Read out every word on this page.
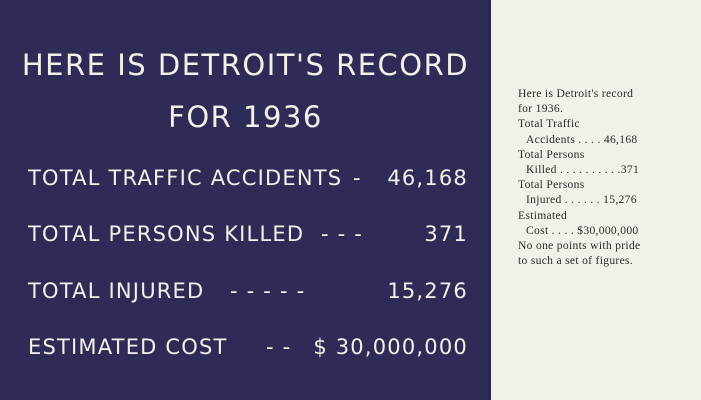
HERE IS DETROIT'S RECORD
FOR 1936
TOTAL TRAFFIC ACCIDENTS - 46,168
TOTAL PERSONS KILLED - - -	371
TOTAL INJURED - - - - -	15,276
ESTIMATED COST - - $ 30,000,000
Here is Detroit's record
for 1936.
Total Traffic
Accidents . . . . 46,168
Total Persons
Killed . . . . . . . . . .371
Total Persons
Injured . . . . . . 15,276
Estimated
Cost . . . . $30,000,000
No one points with pride
to such a set of figures.
